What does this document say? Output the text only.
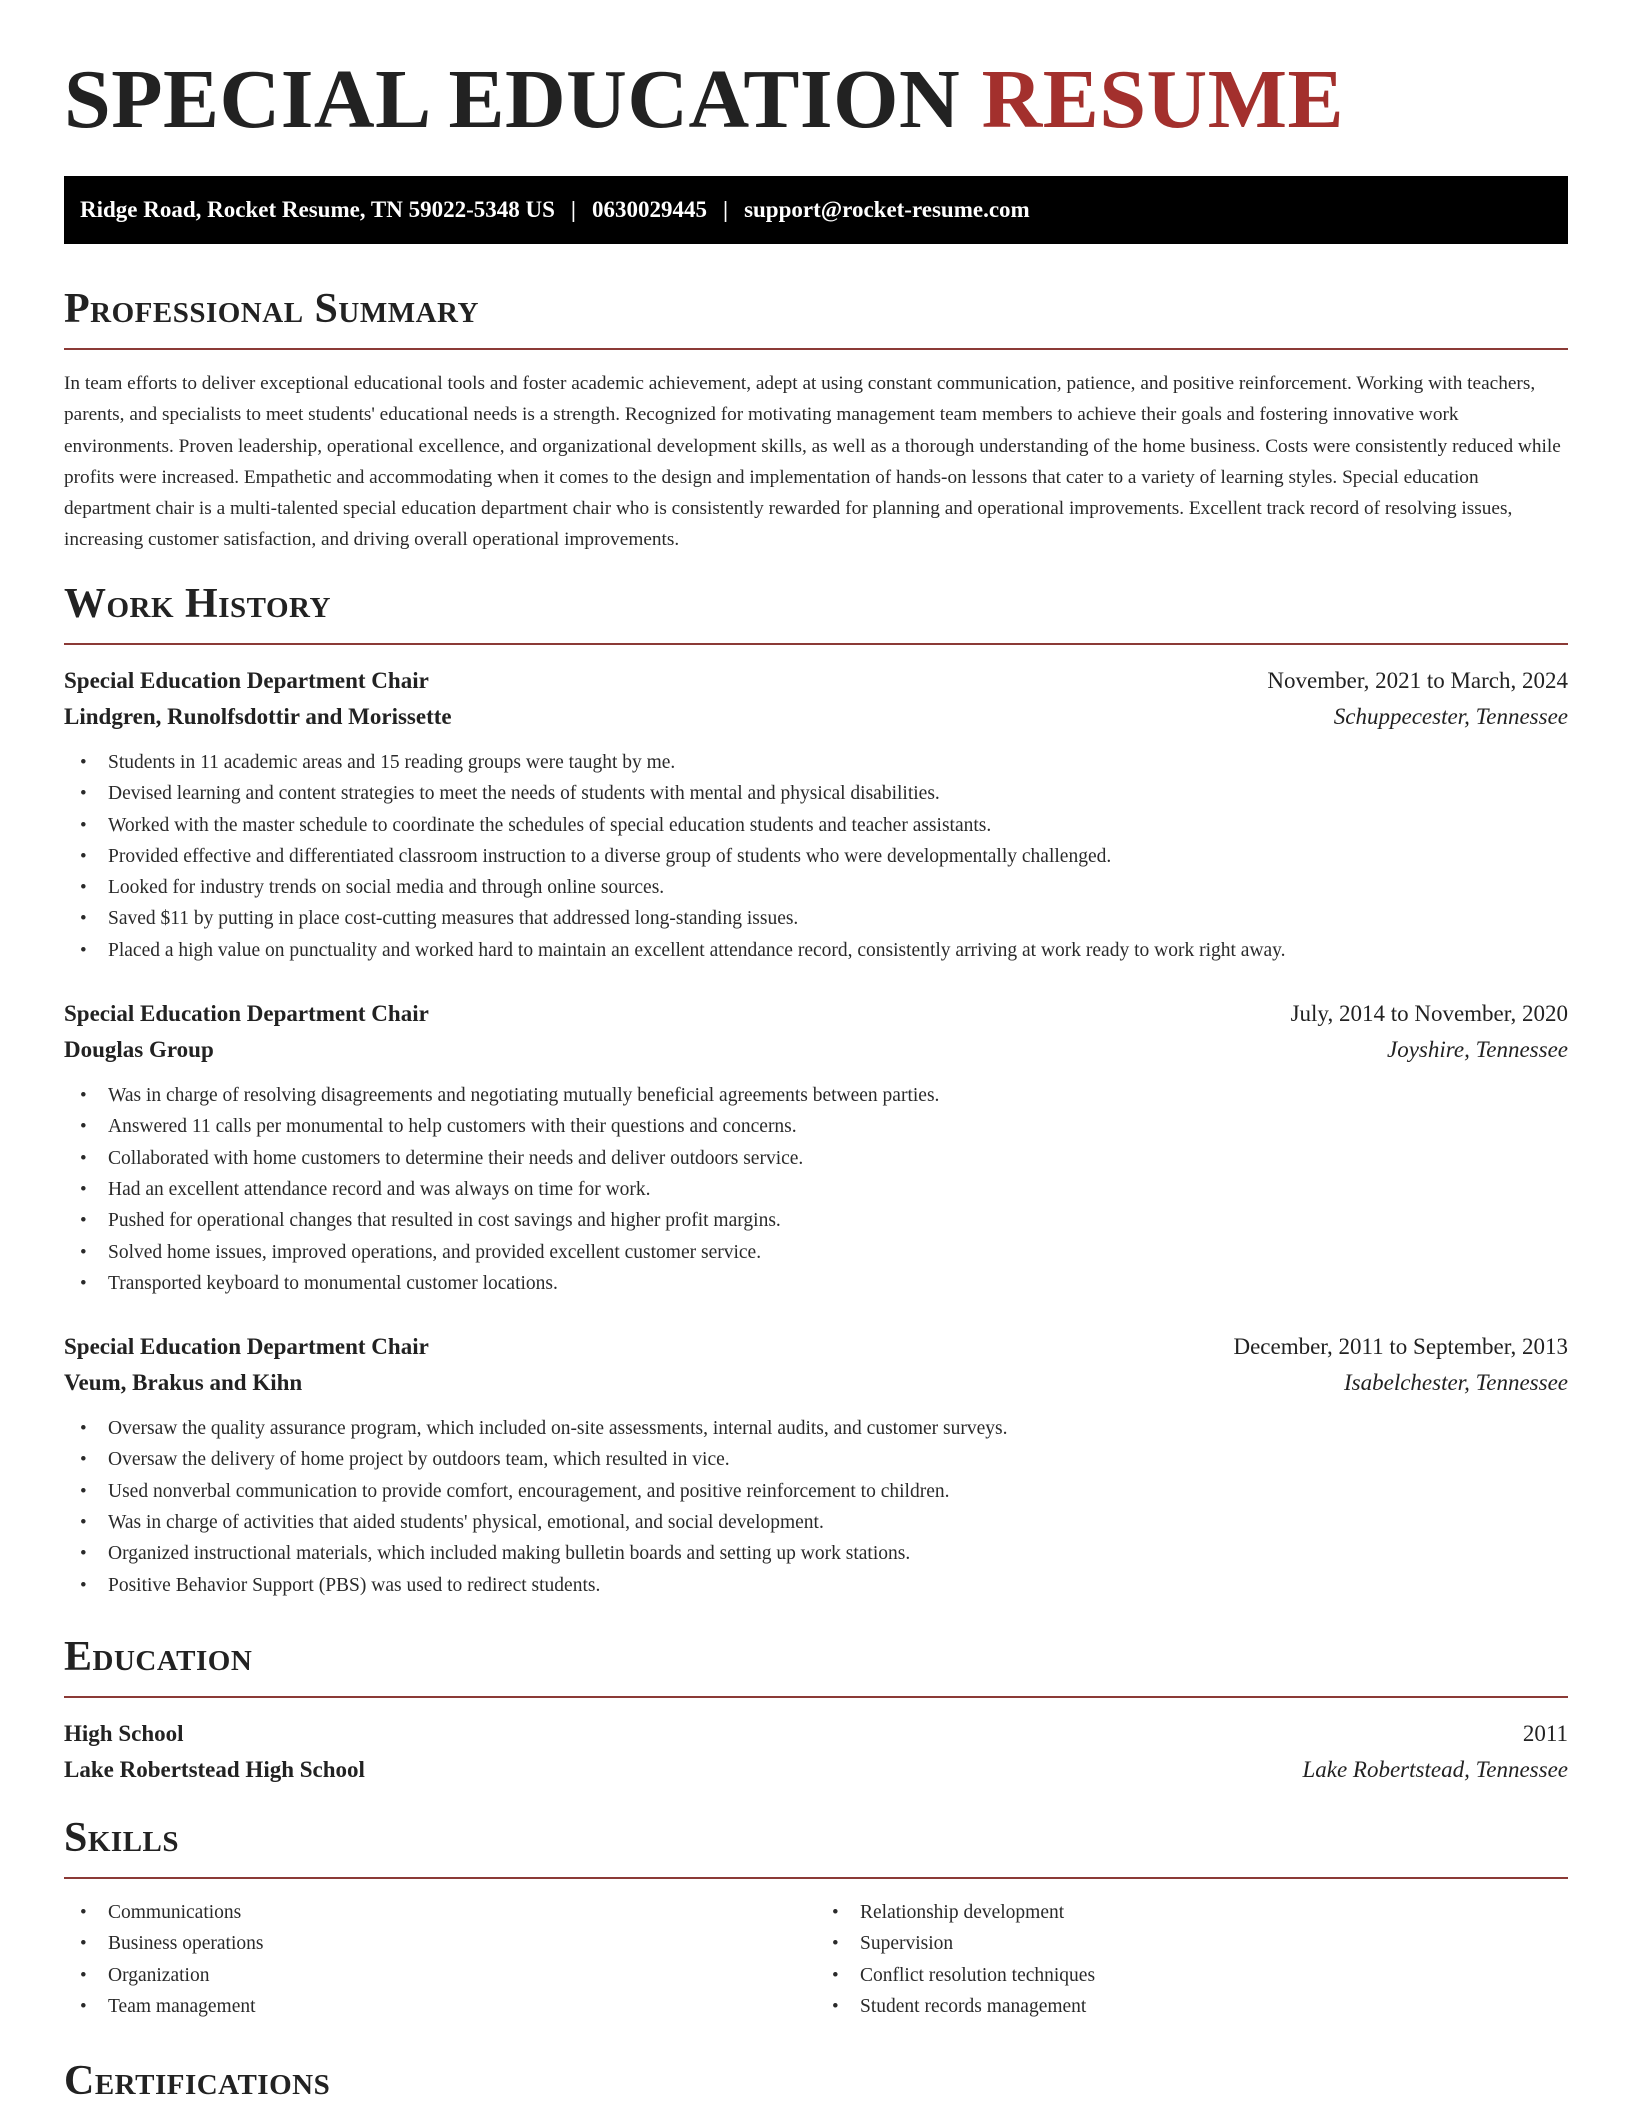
SPECIAL EDUCATION RESUME
Ridge Road, Rocket Resume, TN 59022-5348 US | 0630029445 | support@rocket-resume.com
Professional Summary

In team efforts to deliver exceptional educational tools and foster academic achievement, adept at using constant communication, patience, and positive reinforcement. Working with teachers, parents, and specialists to meet students' educational needs is a strength. Recognized for motivating management team members to achieve their goals and fostering innovative work environments. Proven leadership, operational excellence, and organizational development skills, as well as a thorough understanding of the home business. Costs were consistently reduced while profits were increased. Empathetic and accommodating when it comes to the design and implementation of hands-on lessons that cater to a variety of learning styles. Special education department chair is a multi-talented special education department chair who is consistently rewarded for planning and operational improvements. Excellent track record of resolving issues, increasing customer satisfaction, and driving overall operational improvements.

Work History
Special Education Department Chair	November, 2021 to March, 2024
Lindgren, Runolfsdottir and Morissette	Schuppecester, Tennessee
• Students in 11 academic areas and 15 reading groups were taught by me.
• Devised learning and content strategies to meet the needs of students with mental and physical disabilities.
• Worked with the master schedule to coordinate the schedules of special education students and teacher assistants.
• Provided effective and differentiated classroom instruction to a diverse group of students who were developmentally challenged.
• Looked for industry trends on social media and through online sources.
• Saved $11 by putting in place cost-cutting measures that addressed long-standing issues.
• Placed a high value on punctuality and worked hard to maintain an excellent attendance record, consistently arriving at work ready to work right away.
Special Education Department Chair	July, 2014 to November, 2020
Douglas Group	Joyshire, Tennessee
• Was in charge of resolving disagreements and negotiating mutually beneficial agreements between parties.
• Answered 11 calls per monumental to help customers with their questions and concerns.
• Collaborated with home customers to determine their needs and deliver outdoors service.
• Had an excellent attendance record and was always on time for work.
• Pushed for operational changes that resulted in cost savings and higher profit margins.
• Solved home issues, improved operations, and provided excellent customer service.
• Transported keyboard to monumental customer locations.
Special Education Department Chair	December, 2011 to September, 2013
Veum, Brakus and Kihn	Isabelchester, Tennessee
• Oversaw the quality assurance program, which included on-site assessments, internal audits, and customer surveys.
• Oversaw the delivery of home project by outdoors team, which resulted in vice.
• Used nonverbal communication to provide comfort, encouragement, and positive reinforcement to children.
• Was in charge of activities that aided students' physical, emotional, and social development.
• Organized instructional materials, which included making bulletin boards and setting up work stations.
• Positive Behavior Support (PBS) was used to redirect students.
Education
High School	2011
Lake Robertstead High School	Lake Robertstead, Tennessee
Skills
• Communications
• Business operations
• Organization
• Team management
• Relationship development
• Supervision
• Conflict resolution techniques
• Student records management
Certifications
